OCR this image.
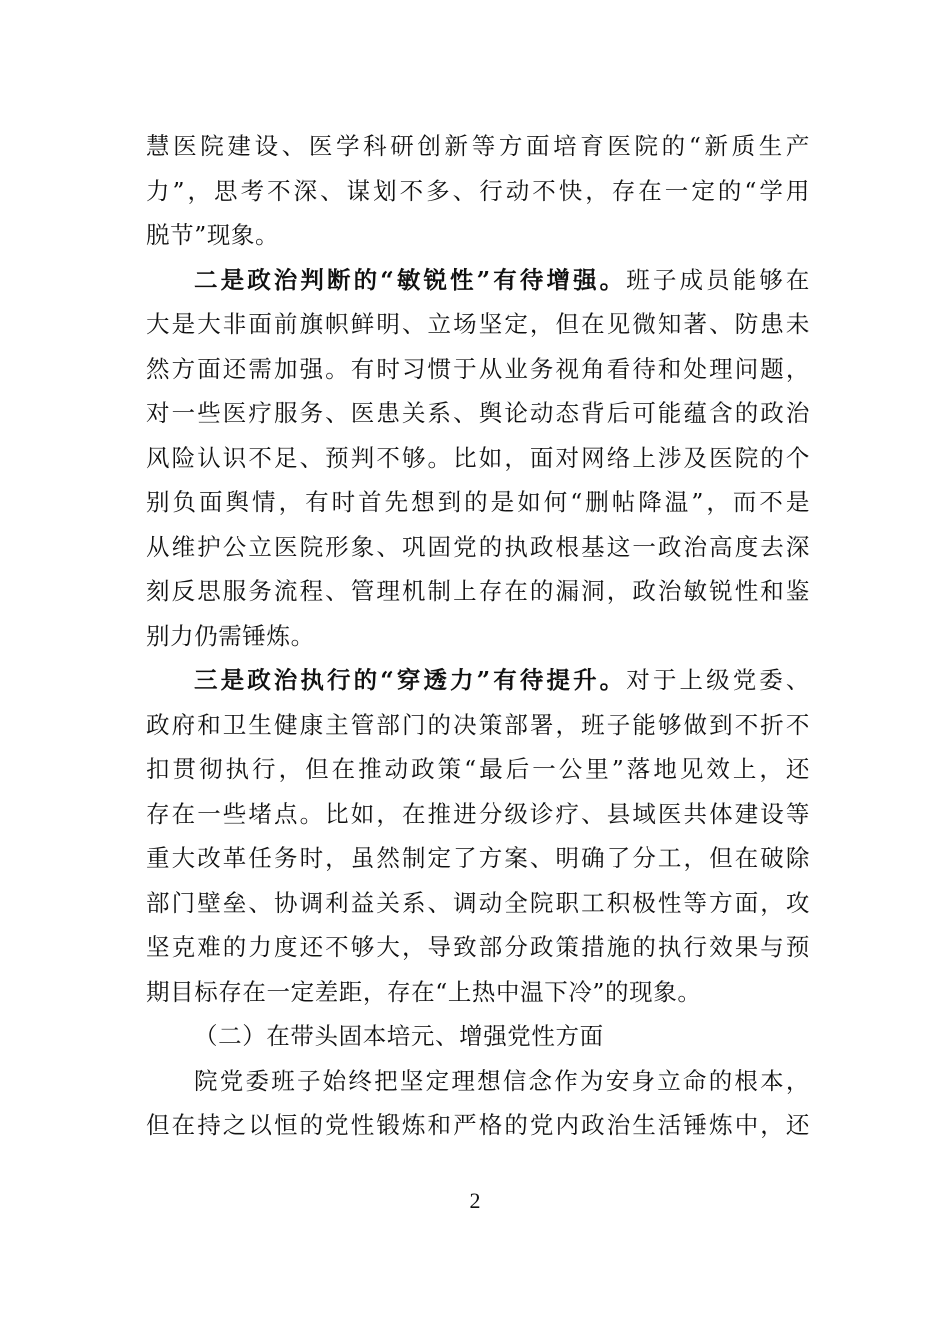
慧医院建设、医学科研创新等方面培育医院的“新质生产
力”，思考不深、谋划不多、行动不快，存在一定的“学用
脱节”现象。
二是政治判断的“敏锐性”有待增强。班子成员能够在
大是大非面前旗帜鲜明、立场坚定，但在见微知著、防患未
然方面还需加强。有时习惯于从业务视角看待和处理问题，
对一些医疗服务、医患关系、舆论动态背后可能蕴含的政治
风险认识不足、预判不够。比如，面对网络上涉及医院的个
别负面舆情，有时首先想到的是如何“删帖降温”，而不是
从维护公立医院形象、巩固党的执政根基这一政治高度去深
刻反思服务流程、管理机制上存在的漏洞，政治敏锐性和鉴
别力仍需锤炼。
三是政治执行的“穿透力”有待提升。对于上级党委、
政府和卫生健康主管部门的决策部署，班子能够做到不折不
扣贯彻执行，但在推动政策“最后一公里”落地见效上，还
存在一些堵点。比如，在推进分级诊疗、县域医共体建设等
重大改革任务时，虽然制定了方案、明确了分工，但在破除
部门壁垒、协调利益关系、调动全院职工积极性等方面，攻
坚克难的力度还不够大，导致部分政策措施的执行效果与预
期目标存在一定差距，存在“上热中温下冷”的现象。
（二）在带头固本培元、增强党性方面
院党委班子始终把坚定理想信念作为安身立命的根本，
但在持之以恒的党性锻炼和严格的党内政治生活锤炼中，还
2
